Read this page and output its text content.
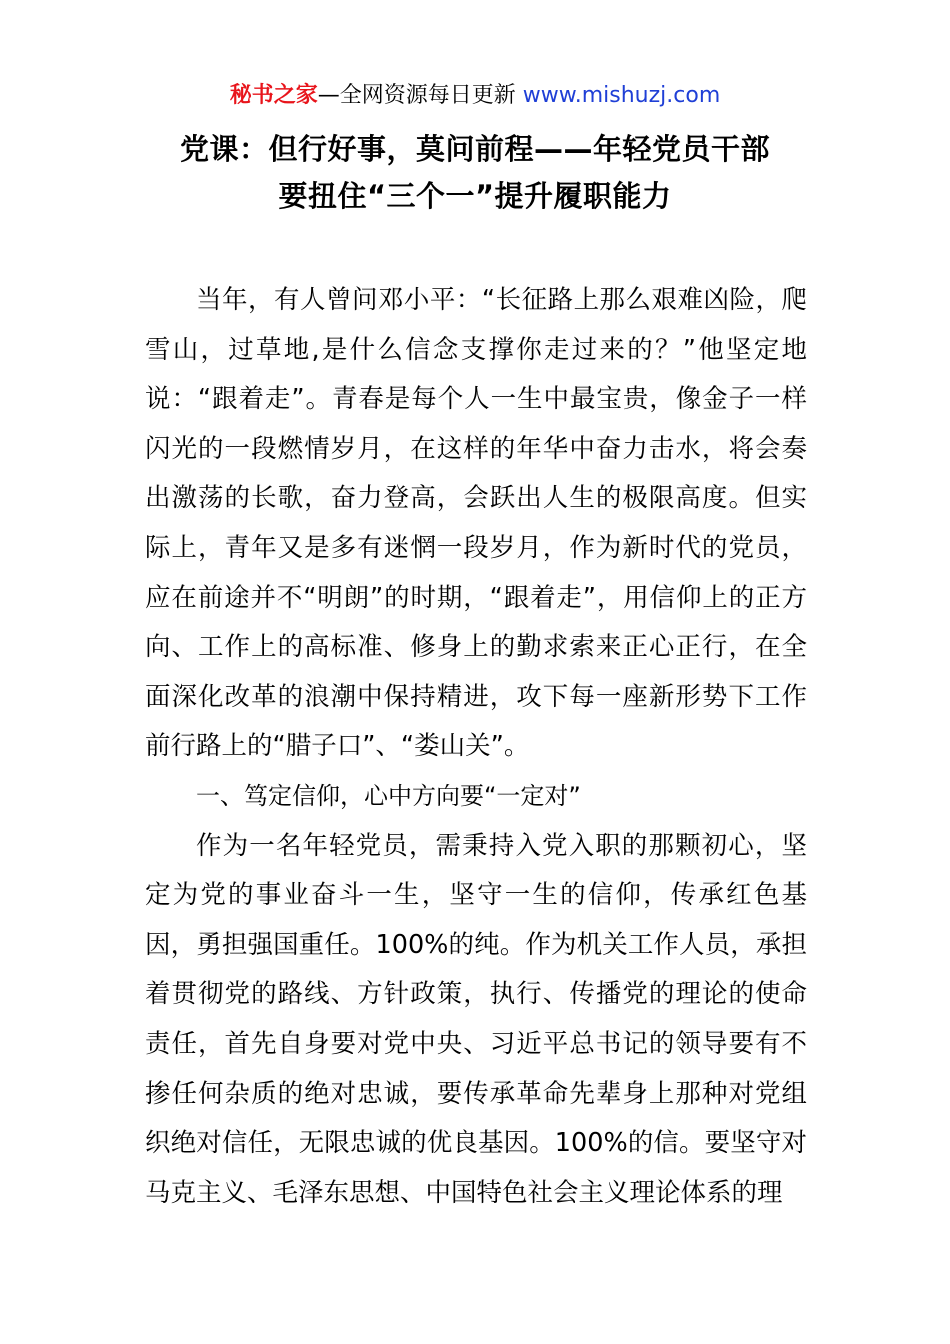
秘书之家—全网资源每日更新 www.mishuzj.com
党课：但行好事，莫问前程——年轻党员干部
要扭住“三个一”提升履职能力

当年，有人曾问邓小平：“长征路上那么艰难凶险，爬雪山，过草地,是什么信念支撑你走过来的？”他坚定地说：“跟着走”。青春是每个人一生中最宝贵，像金子一样闪光的一段燃情岁月，在这样的年华中奋力击水，将会奏出激荡的长歌，奋力登高，会跃出人生的极限高度。但实际上，青年又是多有迷惘一段岁月，作为新时代的党员，应在前途并不“明朗”的时期，“跟着走”，用信仰上的正方向、工作上的高标准、修身上的勤求索来正心正行，在全面深化改革的浪潮中保持精进，攻下每一座新形势下工作前行路上的“腊子口”、“娄山关”。

一、笃定信仰，心中方向要“一定对”

作为一名年轻党员，需秉持入党入职的那颗初心，坚定为党的事业奋斗一生，坚守一生的信仰，传承红色基因，勇担强国重任。100%的纯。作为机关工作人员，承担着贯彻党的路线、方针政策，执行、传播党的理论的使命责任，首先自身要对党中央、习近平总书记的领导要有不掺任何杂质的绝对忠诚，要传承革命先辈身上那种对党组织绝对信任，无限忠诚的优良基因。100%的信。要坚守对马克主义、毛泽东思想、中国特色社会主义理论体系的理
